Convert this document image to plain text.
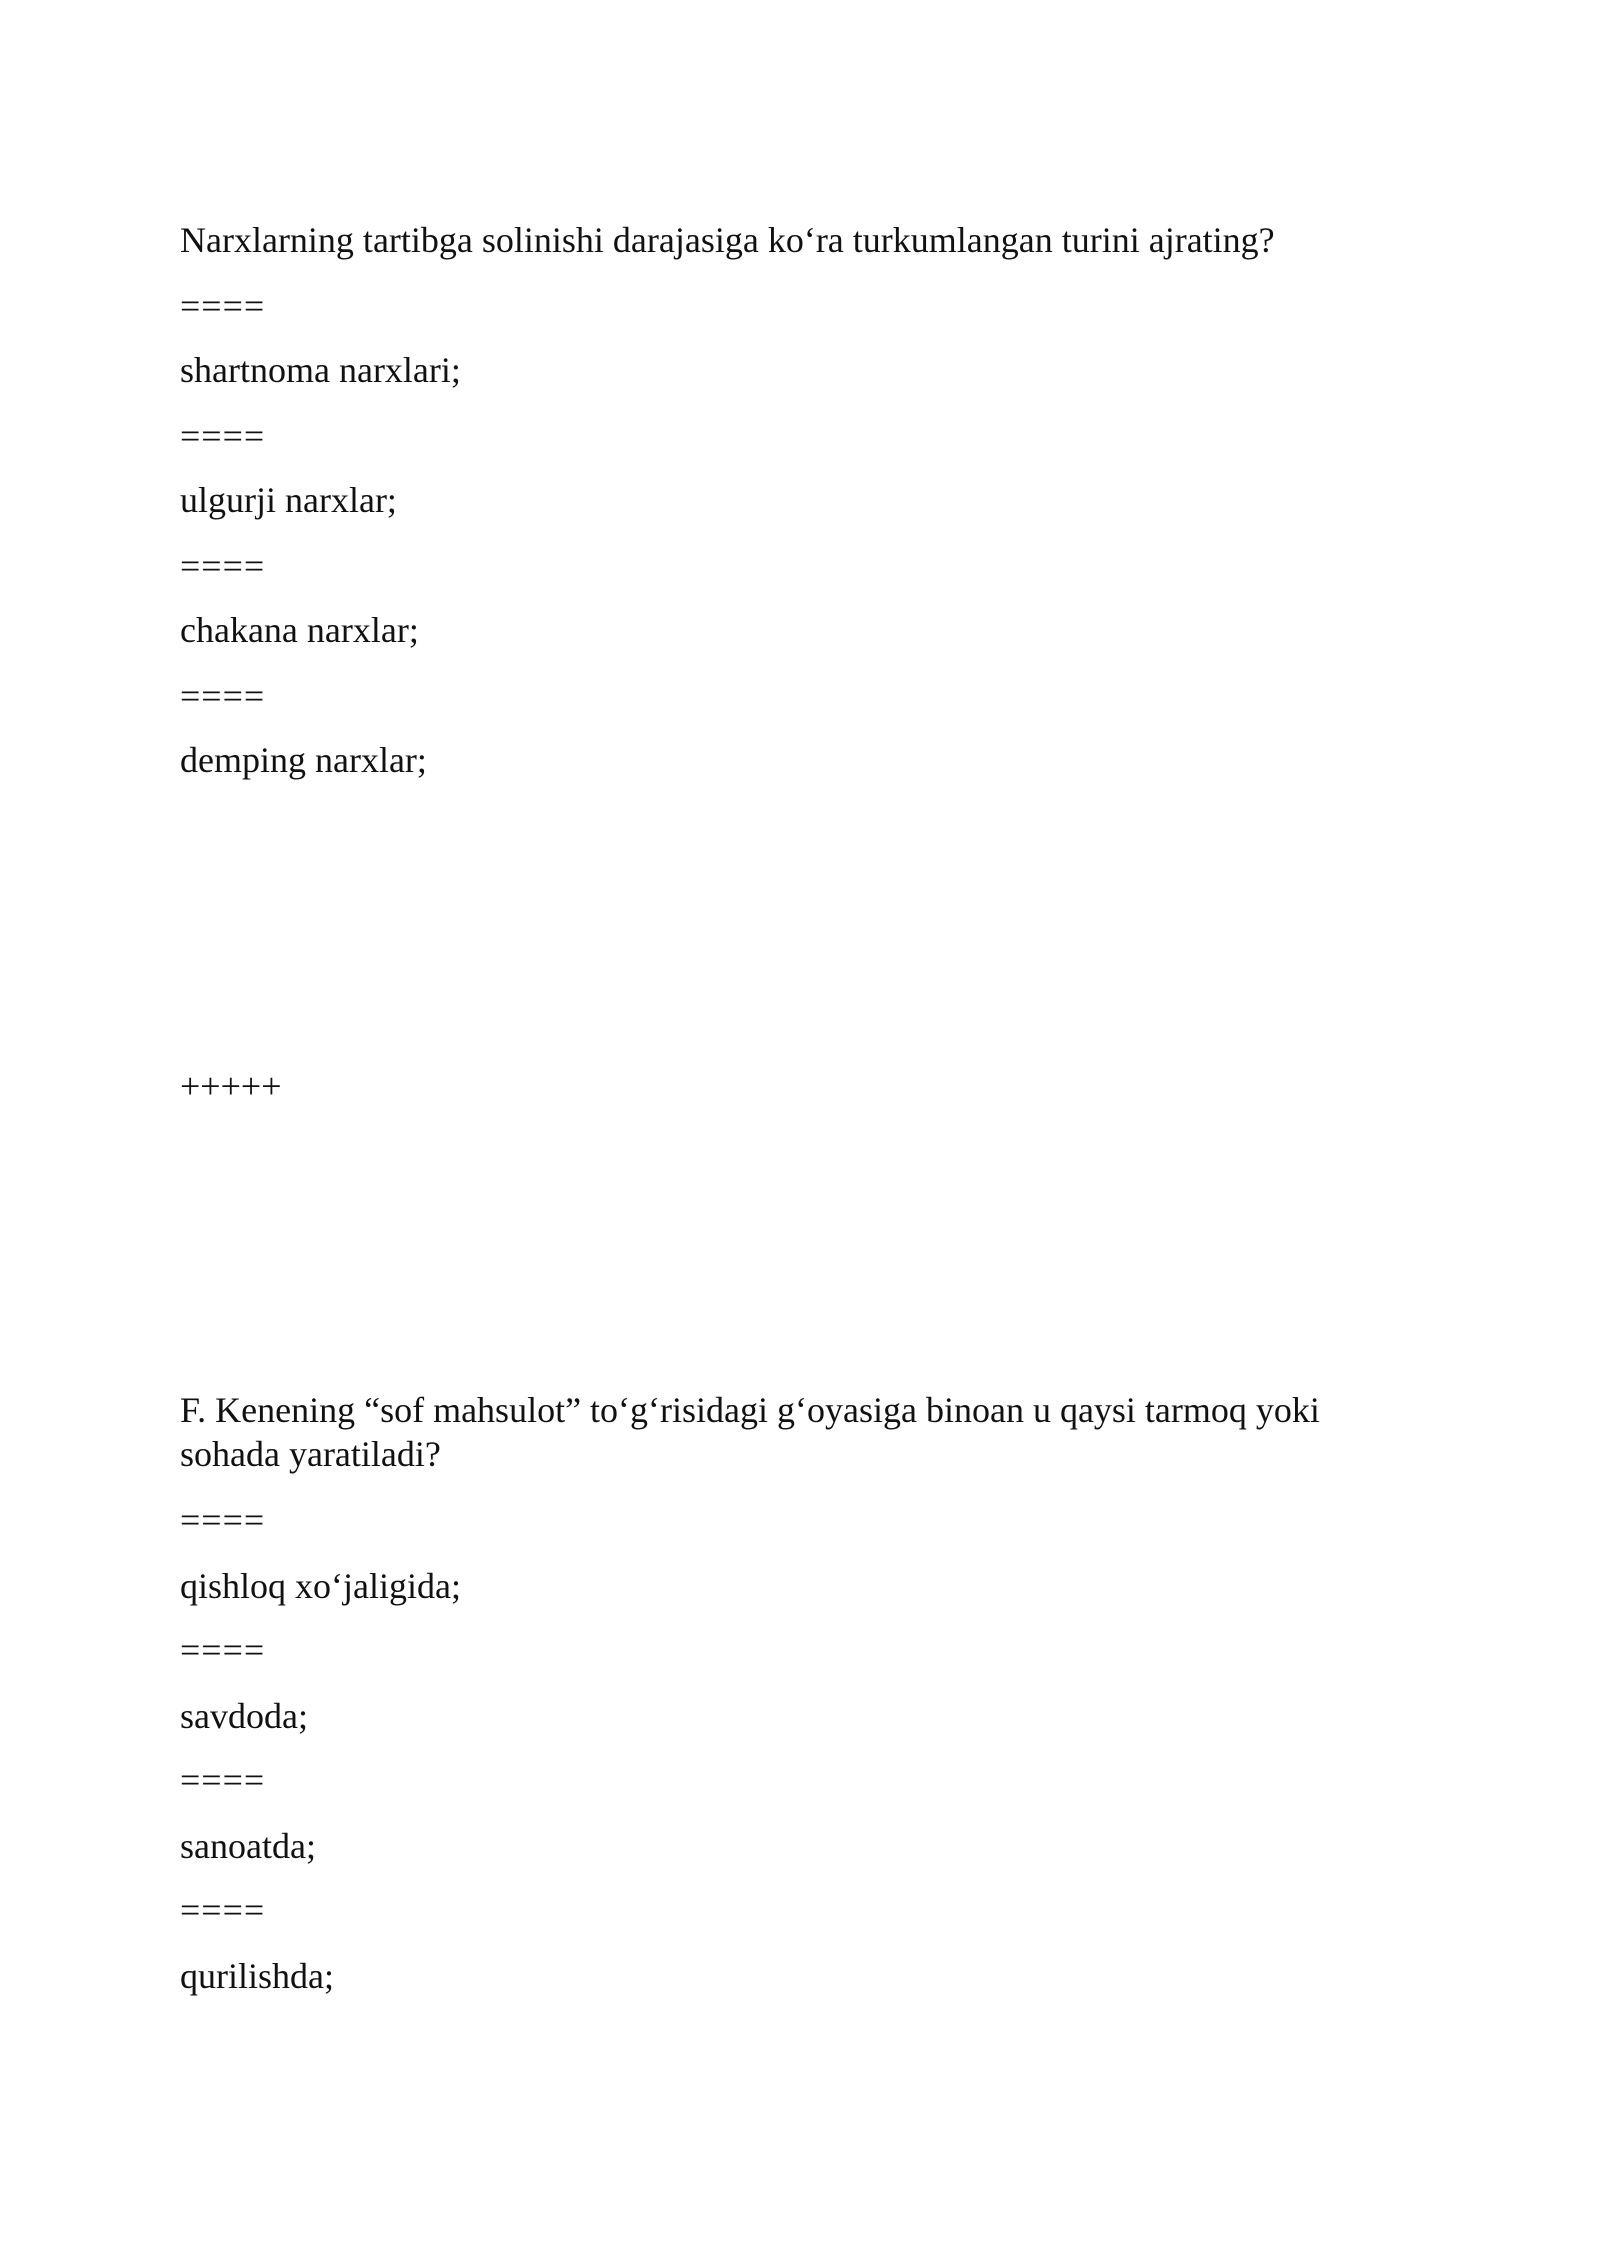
Narxlarning tartibga solinishi darajasiga ko‘ra turkumlangan turini ajrating?

====

shartnoma narxlari;

====

ulgurji narxlar;

====

chakana narxlar;

====

demping narxlar;

+++++

F. Kenening “sof mahsulot” to‘g‘risidagi g‘oyasiga binoan u qaysi tarmoq yoki sohada yaratiladi?

====

qishloq xo‘jaligida;

====

savdoda;

====

sanoatda;

====

qurilishda;
